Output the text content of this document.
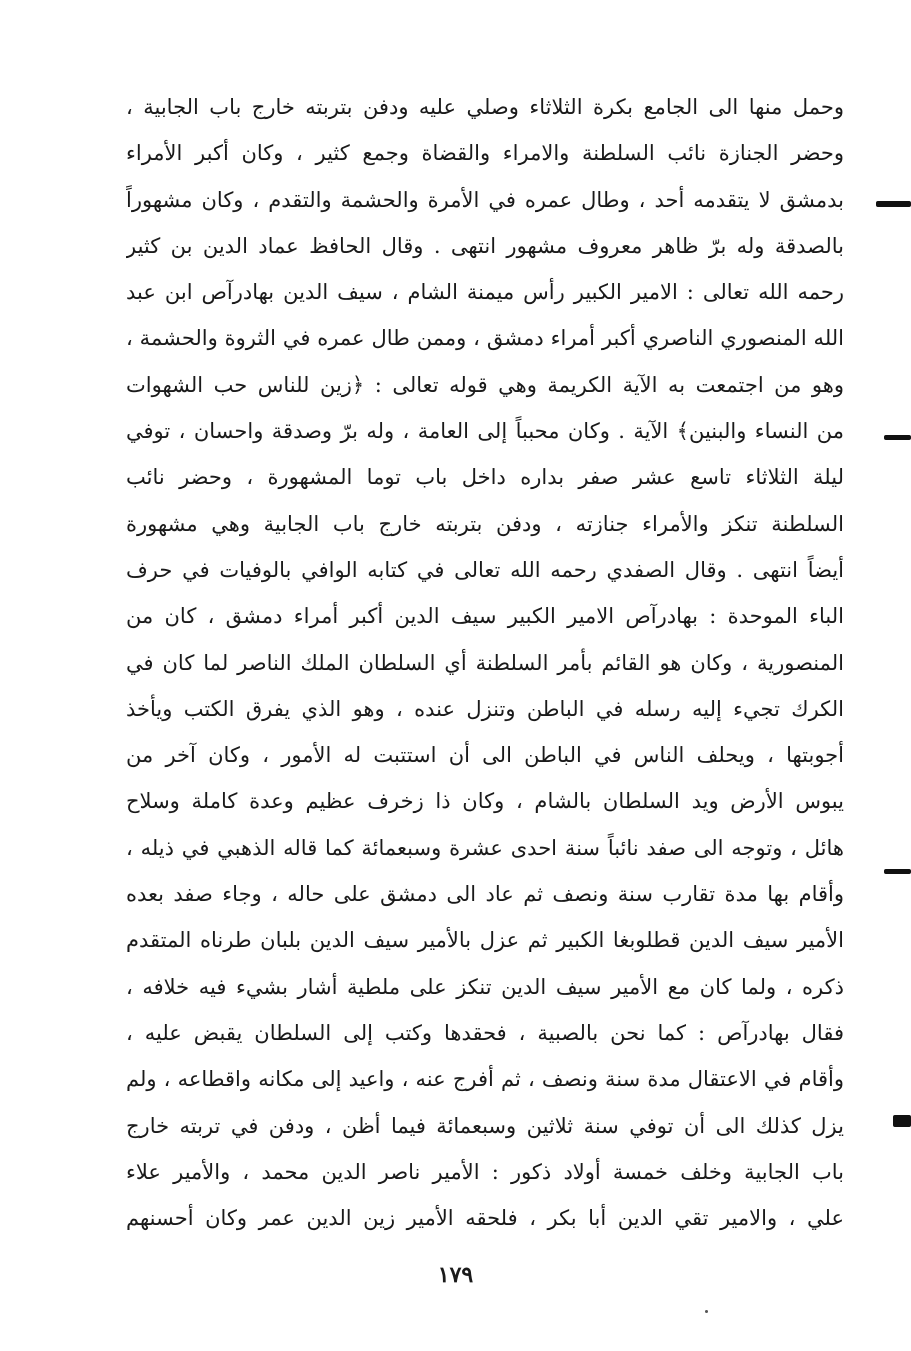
وحمل منها الى الجامع بكرة الثلاثاء وصلي عليه ودفن بتربته خارج باب الجابية ،
وحضر الجنازة نائب السلطنة والامراء والقضاة وجمع كثير ، وكان أكبر الأمراء
بدمشق لا يتقدمه أحد ، وطال عمره في الأمرة والحشمة والتقدم ، وكان مشهوراً
بالصدقة وله برّ ظاهر معروف مشهور انتهى . وقال الحافظ عماد الدين بن كثير
رحمه الله تعالى : الامير الكبير رأس ميمنة الشام ، سيف الدين بهادرآص ابن عبد
الله المنصوري الناصري أكبر أمراء دمشق ، وممن طال عمره في الثروة والحشمة ،
وهو من اجتمعت به الآية الكريمة وهي قوله تعالى : ﴿زين للناس حب الشهوات
من النساء والبنين﴾ الآية . وكان محبباً إلى العامة ، وله برّ وصدقة واحسان ، توفي
ليلة الثلاثاء تاسع عشر صفر بداره داخل باب توما المشهورة ، وحضر نائب
السلطنة تنكز والأمراء جنازته ، ودفن بتربته خارج باب الجابية وهي مشهورة
أيضاً انتهى . وقال الصفدي رحمه الله تعالى في كتابه الوافي بالوفيات في حرف
الباء الموحدة : بهادرآص الامير الكبير سيف الدين أكبر أمراء دمشق ، كان من
المنصورية ، وكان هو القائم بأمر السلطنة أي السلطان الملك الناصر لما كان في
الكرك تجيء إليه رسله في الباطن وتنزل عنده ، وهو الذي يفرق الكتب ويأخذ
أجوبتها ، ويحلف الناس في الباطن الى أن استتبت له الأمور ، وكان آخر من
يبوس الأرض ويد السلطان بالشام ، وكان ذا زخرف عظيم وعدة كاملة وسلاح
هائل ، وتوجه الى صفد نائباً سنة احدى عشرة وسبعمائة كما قاله الذهبي في ذيله ،
وأقام بها مدة تقارب سنة ونصف ثم عاد الى دمشق على حاله ، وجاء صفد بعده
الأمير سيف الدين قطلوبغا الكبير ثم عزل بالأمير سيف الدين بلبان طرناه المتقدم
ذكره ، ولما كان مع الأمير سيف الدين تنكز على ملطية أشار بشيء فيه خلافه ،
فقال بهادرآص : كما نحن بالصبية ، فحقدها وكتب إلى السلطان يقبض عليه ،
وأقام في الاعتقال مدة سنة ونصف ، ثم أفرج عنه ، واعيد إلى مكانه واقطاعه ، ولم
يزل كذلك الى أن توفي سنة ثلاثين وسبعمائة فيما أظن ، ودفن في تربته خارج
باب الجابية وخلف خمسة أولاد ذكور : الأمير ناصر الدين محمد ، والأمير علاء
علي ، والامير تقي الدين أبا بكر ، فلحقه الأمير زين الدين عمر وكان أحسنهم
١٧٩
